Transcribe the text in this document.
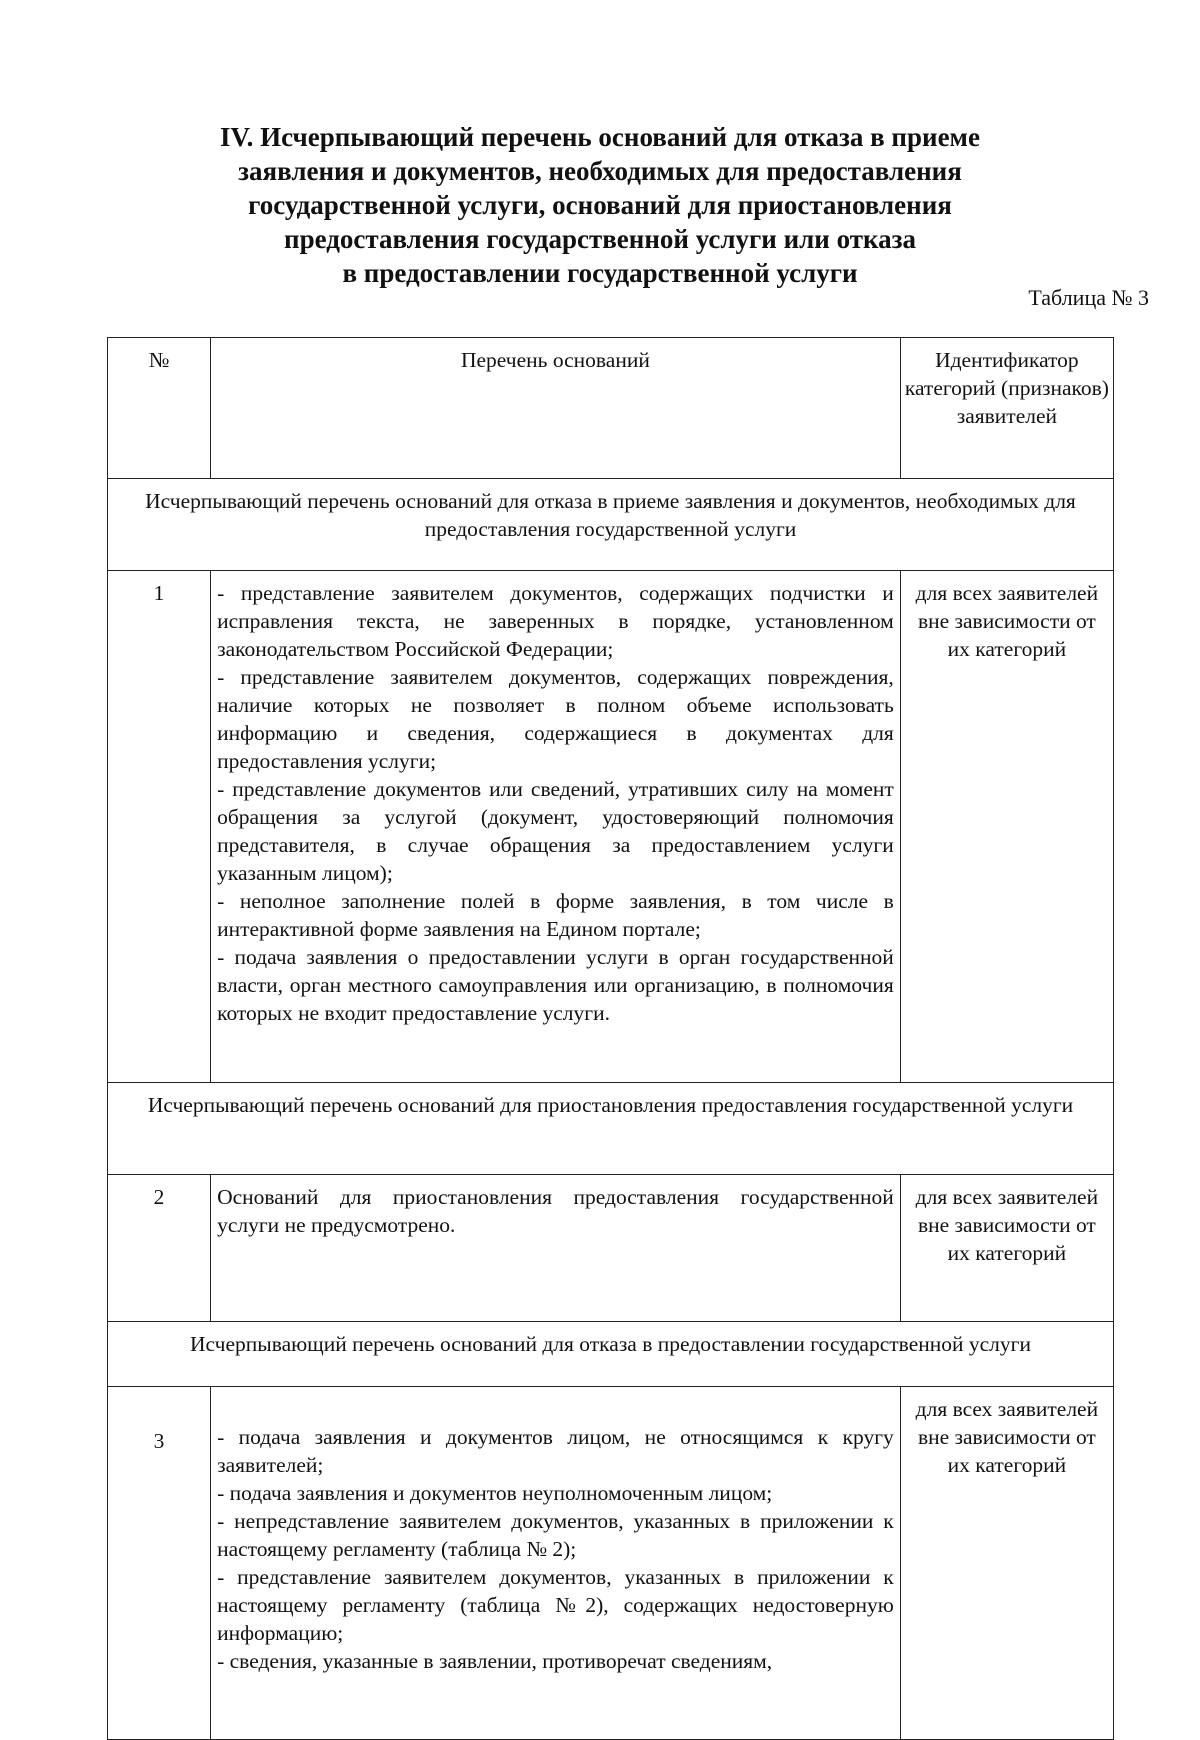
IV. Исчерпывающий перечень оснований для отказа в приеме
заявления и документов, необходимых для предоставления
государственной услуги, оснований для приостановления
предоставления государственной услуги или отказа
в предоставлении государственной услуги
Таблица № 3
№	Перечень оснований	Идентификатор категорий (признаков) заявителей
Исчерпывающий перечень оснований для отказа в приеме заявления и документов, необходимых для предоставления государственной услуги		
1	- представление заявителем документов, содержащих подчистки и исправления текста, не заверенных в порядке, установленном законодательством Российской Федерации;

- представление заявителем документов, содержащих повреждения, наличие которых не позволяет в полном объеме использовать информацию и сведения, содержащиеся в документах для предоставления услуги;

- представление документов или сведений, утративших силу на момент обращения за услугой (документ, удостоверяющий полномочия представителя, в случае обращения за предоставлением услуги указанным лицом);

- неполное заполнение полей в форме заявления, в том числе в интерактивной форме заявления на Едином портале;

- подача заявления о предоставлении услуги в орган государственной власти, орган местного самоуправления или организацию, в полномочия которых не входит предоставление услуги.	для всех заявителей вне зависимости от их категорий
Исчерпывающий перечень оснований для приостановления предоставления государственной услуги		
2	Оснований для приостановления предоставления государственной услуги не предусмотрено.	для всех заявителей вне зависимости от их категорий
Исчерпывающий перечень оснований для отказа в предоставлении государственной услуги		
3	- подача заявления и документов лицом, не относящимся к кругу заявителей;

- подача заявления и документов неуполномоченным лицом;

- непредставление заявителем документов, указанных в приложении к настоящему регламенту (таблица № 2);

- представление заявителем документов, указанных в приложении к настоящему регламенту (таблица №2), содержащих недостоверную информацию;

- сведения, указанные в заявлении, противоречат сведениям,	для всех заявителей вне зависимости от их категорий
